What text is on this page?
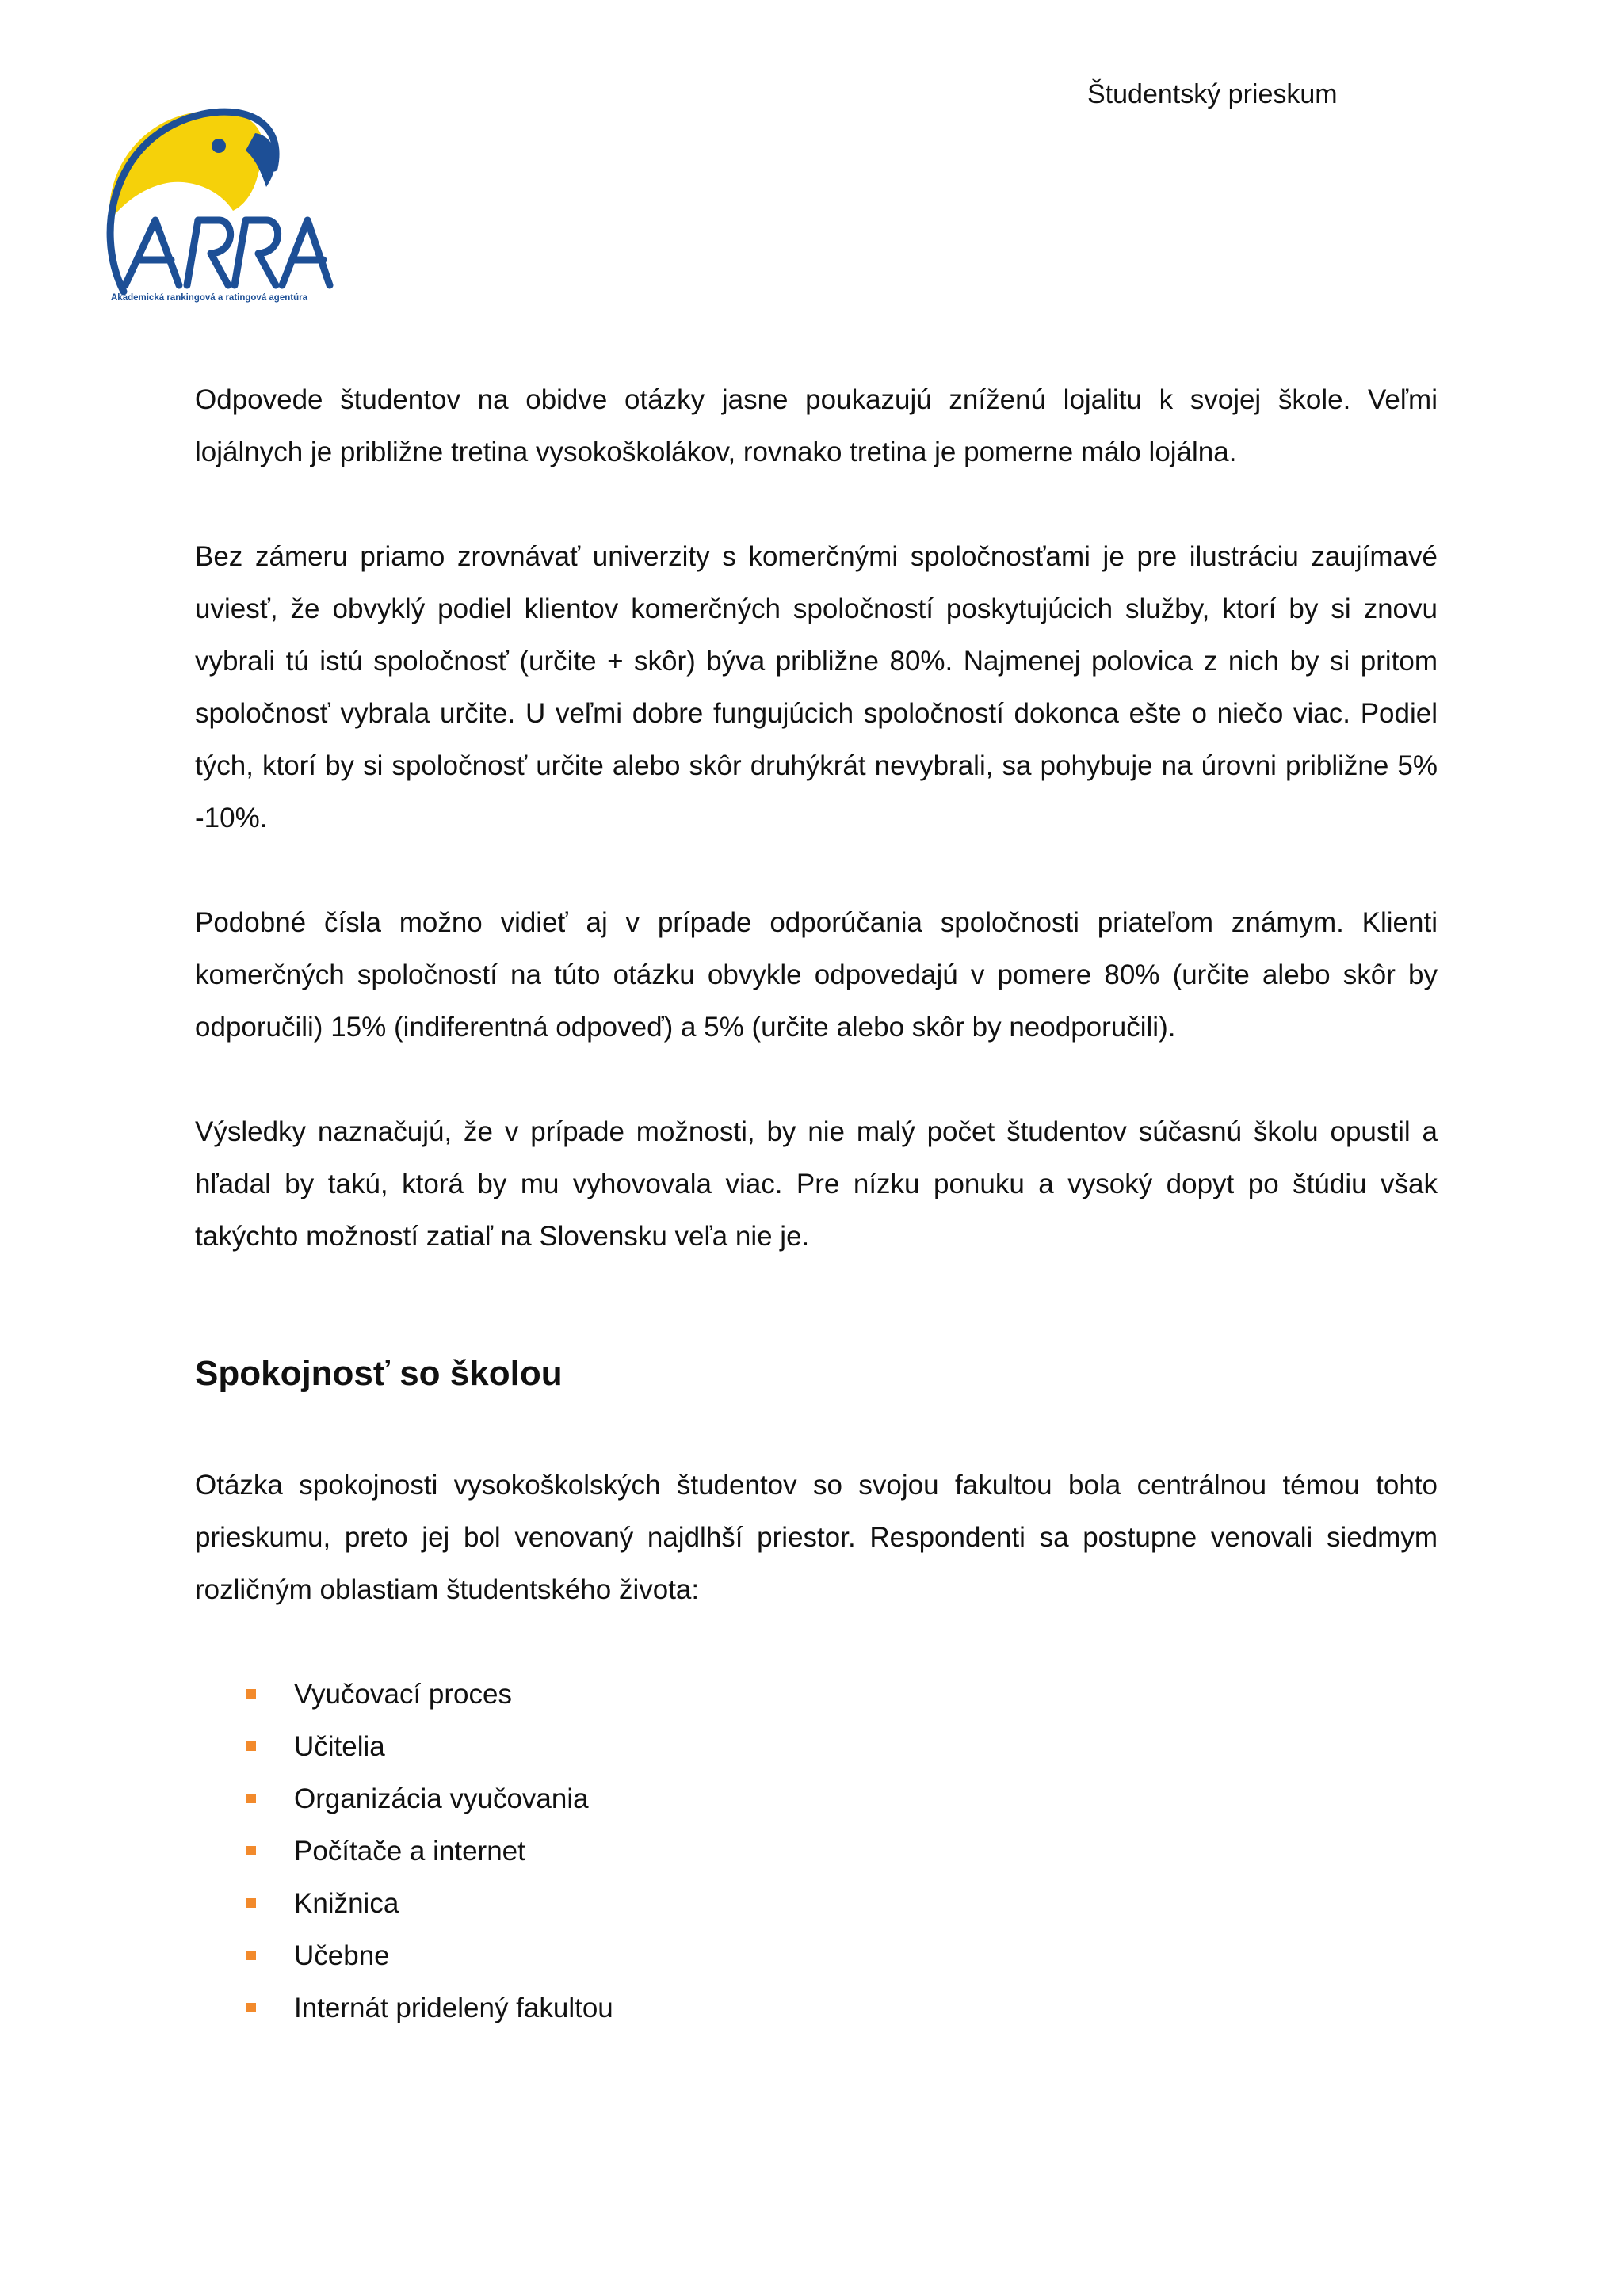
Študentský prieskum
Akademická rankingová a ratingová agentúra

Odpovede študentov na obidve otázky jasne poukazujú zníženú lojalitu k svojej škole. Veľmi lojálnych je približne tretina vysokoškolákov, rovnako tretina je pomerne málo lojálna.

Bez zámeru priamo zrovnávať univerzity s komerčnými spoločnosťami je pre ilustráciu zaujímavé uviesť, že obvyklý podiel klientov komerčných spoločností poskytujúcich služby, ktorí by si znovu vybrali tú istú spoločnosť (určite + skôr) býva približne 80%. Najmenej polovica z nich by si pritom spoločnosť vybrala určite. U veľmi dobre fungujúcich spoločností dokonca ešte o niečo viac. Podiel tých, ktorí by si spoločnosť určite alebo skôr druhýkrát nevybrali, sa pohybuje na úrovni približne 5% -10%.

Podobné čísla možno vidieť aj v prípade odporúčania spoločnosti priateľom známym. Klienti komerčných spoločností na túto otázku obvykle odpovedajú v pomere 80% (určite alebo skôr by odporučili) 15% (indiferentná odpoveď) a 5% (určite alebo skôr by neodporučili).

Výsledky naznačujú, že v prípade možnosti, by nie malý počet študentov súčasnú školu opustil a hľadal by takú, ktorá by mu vyhovovala viac. Pre nízku ponuku a vysoký dopyt po štúdiu však takýchto možností zatiaľ na Slovensku veľa nie je.

Spokojnosť so školou

Otázka spokojnosti vysokoškolských študentov so svojou fakultou bola centrálnou témou tohto prieskumu, preto jej bol venovaný najdlhší priestor. Respondenti sa postupne venovali siedmym rozličným oblastiam študentského života:

Vyučovací proces
Učitelia
Organizácia vyučovania
Počítače a internet
Knižnica
Učebne
Internát pridelený fakultou
